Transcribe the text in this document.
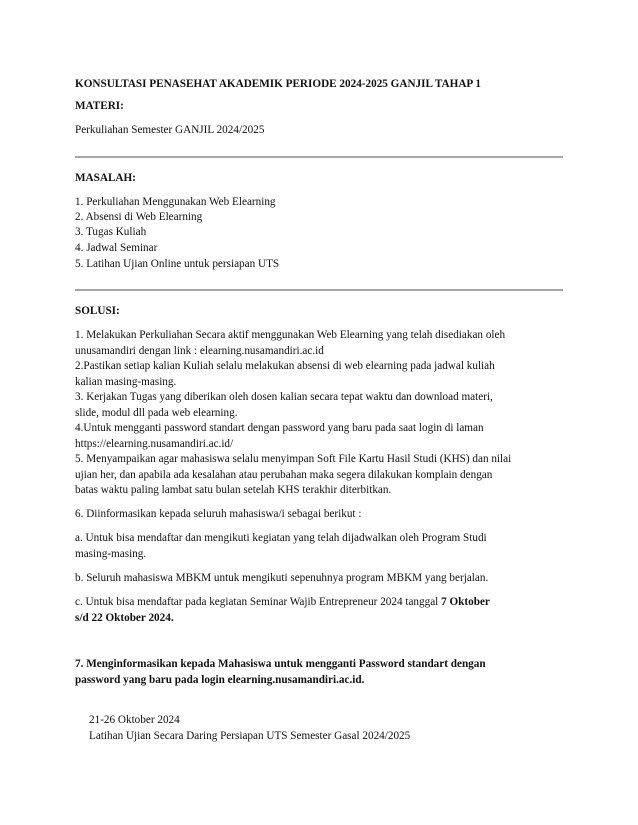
KONSULTASI PENASEHAT AKADEMIK PERIODE 2024-2025 GANJIL TAHAP 1
MATERI:
Perkuliahan Semester GANJIL 2024/2025
MASALAH:
1. Perkuliahan Menggunakan Web Elearning
2. Absensi di Web Elearning
3. Tugas Kuliah
4. Jadwal Seminar
5. Latihan Ujian Online untuk persiapan UTS
SOLUSI:
1. Melakukan Perkuliahan Secara aktif menggunakan Web Elearning yang telah disediakan oleh
unusamandiri dengan link : elearning.nusamandiri.ac.id
2.Pastikan setiap kalian Kuliah selalu melakukan absensi di web elearning pada jadwal kuliah
kalian masing-masing.
3. Kerjakan Tugas yang diberikan oleh dosen kalian secara tepat waktu dan download materi,
slide, modul dll pada web elearning.
4.Untuk mengganti password standart dengan password yang baru pada saat login di laman
https://elearning.nusamandiri.ac.id/
5. Menyampaikan agar mahasiswa selalu menyimpan Soft File Kartu Hasil Studi (KHS) dan nilai
ujian her, dan apabila ada kesalahan atau perubahan maka segera dilakukan komplain dengan
batas waktu paling lambat satu bulan setelah KHS terakhir diterbitkan.
6. Diinformasikan kepada seluruh mahasiswa/i sebagai berikut :
a. Untuk bisa mendaftar dan mengikuti kegiatan yang telah dijadwalkan oleh Program Studi
masing-masing.
b. Seluruh mahasiswa MBKM untuk mengikuti sepenuhnya program MBKM yang berjalan.
c. Untuk bisa mendaftar pada kegiatan Seminar Wajib Entrepreneur 2024 tanggal 7 Oktober
s/d 22 Oktober 2024.
7. Menginformasikan kepada Mahasiswa untuk mengganti Password standart dengan
password yang baru pada login elearning.nusamandiri.ac.id.
21-26 Oktober 2024
Latihan Ujian Secara Daring Persiapan UTS Semester Gasal 2024/2025
